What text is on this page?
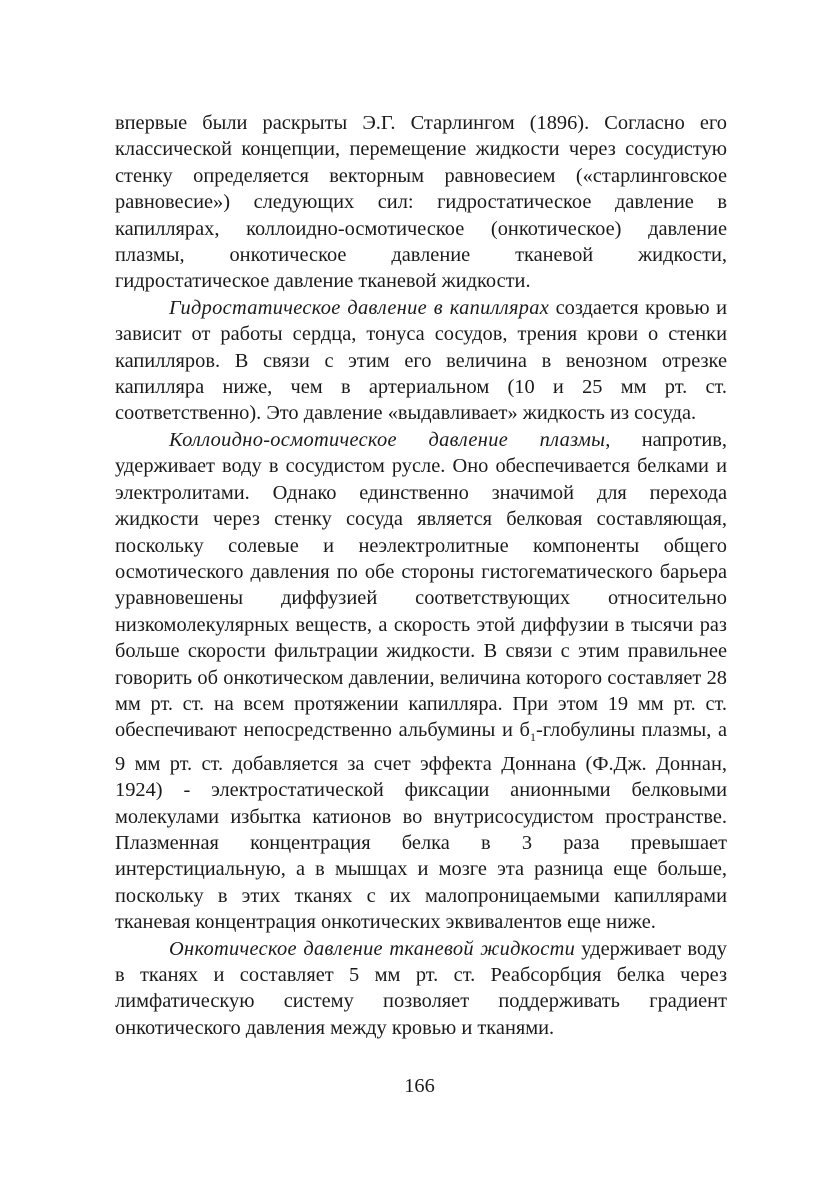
впервые были раскрыты Э.Г. Старлингом (1896). Согласно его классической концепции, перемещение жидкости через сосудистую стенку определяется векторным равновесием («старлинговское равновесие») следующих сил: гидростатическое давление в капиллярах, коллоидно-осмотическое (онкотическое) давление плазмы, онкотическое давление тканевой жидкости, гидростатическое давление тканевой жидкости.

Гидростатическое давление в капиллярах создается кровью и зависит от работы сердца, тонуса сосудов, трения крови о стенки капилляров. В связи с этим его величина в венозном отрезке капилляра ниже, чем в артериальном (10 и 25 мм рт. ст. соответственно). Это давление «выдавливает» жидкость из сосуда.

Коллоидно-осмотическое давление плазмы, напротив, удерживает воду в сосудистом русле. Оно обеспечивается белками и электролитами. Однако единственно значимой для перехода жидкости через стенку сосуда является белковая составляющая, поскольку солевые и неэлектролитные компоненты общего осмотического давления по обе стороны гистогематического барьера уравновешены диффузией соответствующих относительно низкомолекулярных веществ, а скорость этой диффузии в тысячи раз больше скорости фильтрации жидкости. В связи с этим правильнее говорить об онкотическом давлении, величина которого составляет 28 мм рт. ст. на всем протяжении капилляра. При этом 19 мм рт. ст. обеспечивают непосредственно альбумины и $б_1$-глобулины плазмы, а 9 мм рт. ст. добавляется за счет эффекта Доннана (Ф.Дж. Доннан, 1924) - электростатической фиксации анионными белковыми молекулами избытка катионов во внутрисосудистом пространстве. Плазменная концентрация белка в 3 раза превышает интерстициальную, а в мышцах и мозге эта разница еще больше, поскольку в этих тканях с их малопроницаемыми капиллярами тканевая концентрация онкотических эквивалентов еще ниже.

Онкотическое давление тканевой жидкости удерживает воду в тканях и составляет 5 мм рт. ст. Реабсорбция белка через лимфатическую систему позволяет поддерживать градиент онкотического давления между кровью и тканями.

166
